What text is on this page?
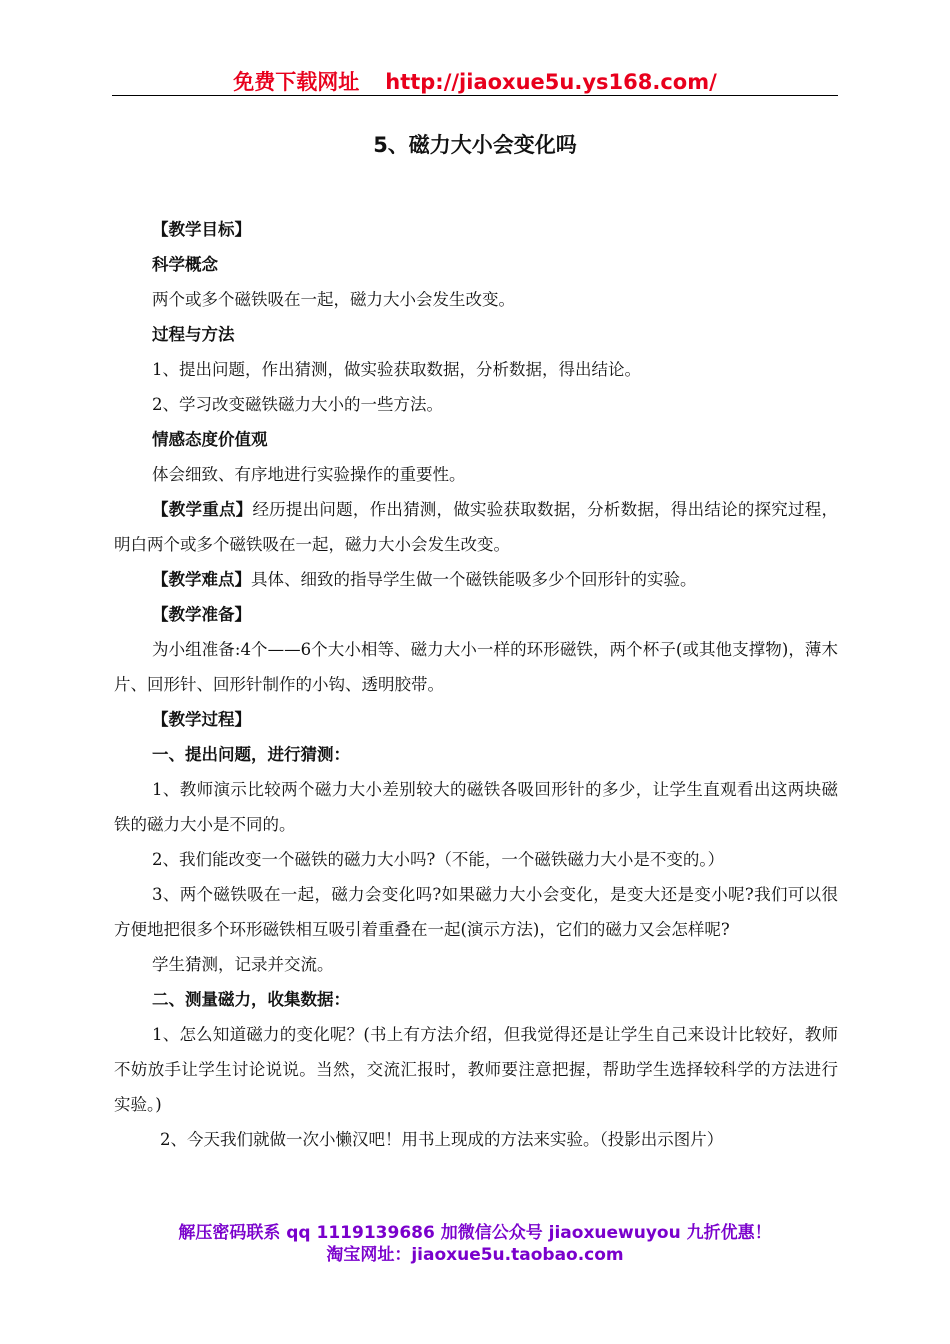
免费下载网址 http://jiaoxue5u.ys168.com/
5、磁力大小会变化吗

【教学目标】

科学概念

两个或多个磁铁吸在一起，磁力大小会发生改变。

过程与方法

1、提出问题，作出猜测，做实验获取数据，分析数据，得出结论。

2、学习改变磁铁磁力大小的一些方法。

情感态度价值观

体会细致、有序地进行实验操作的重要性。

【教学重点】经历提出问题，作出猜测，做实验获取数据，分析数据，得出结论的探究过程，明白两个或多个磁铁吸在一起，磁力大小会发生改变。

【教学难点】具体、细致的指导学生做一个磁铁能吸多少个回形针的实验。

【教学准备】

为小组准备:4个——6个大小相等、磁力大小一样的环形磁铁，两个杯子(或其他支撑物)，薄木片、回形针、回形针制作的小钩、透明胶带。

【教学过程】

一、提出问题，进行猜测：

1、教师演示比较两个磁力大小差别较大的磁铁各吸回形针的多少，让学生直观看出这两块磁铁的磁力大小是不同的。

2、我们能改变一个磁铁的磁力大小吗?（不能，一个磁铁磁力大小是不变的。）

3、两个磁铁吸在一起，磁力会变化吗?如果磁力大小会变化，是变大还是变小呢?我们可以很方便地把很多个环形磁铁相互吸引着重叠在一起(演示方法)，它们的磁力又会怎样呢?

学生猜测，记录并交流。

二、测量磁力，收集数据：

1、怎么知道磁力的变化呢？(书上有方法介绍，但我觉得还是让学生自己来设计比较好，教师不妨放手让学生讨论说说。当然，交流汇报时，教师要注意把握，帮助学生选择较科学的方法进行实验。)

2、今天我们就做一次小懒汉吧！用书上现成的方法来实验。（投影出示图片）

解压密码联系 qq 1119139686 加微信公众号 jiaoxuewuyou 九折优惠！
淘宝网址：jiaoxue5u.taobao.com
